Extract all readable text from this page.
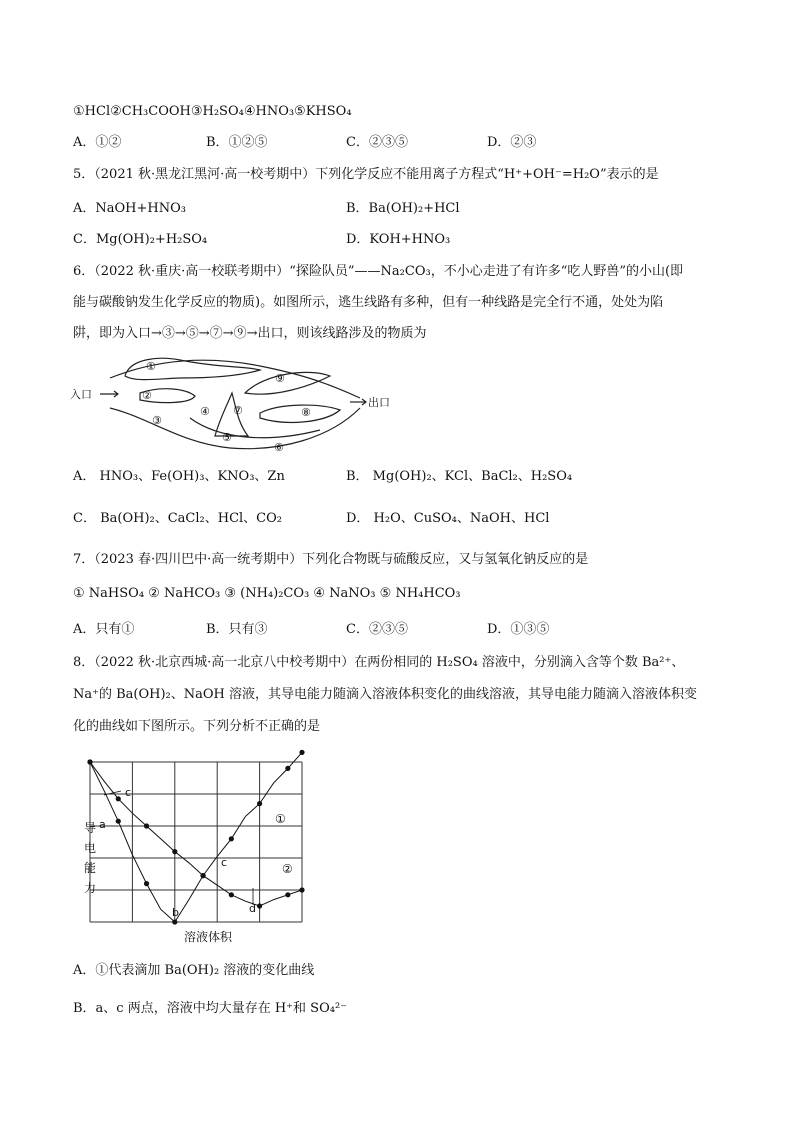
①HCl②CH₃COOH③H₂SO₄④HNO₃⑤KHSO₄
A．①②	B．①②⑤	C．②③⑤	D．②③
5．（2021 秋·黑龙江黑河·高一校考期中）下列化学反应不能用离子方程式“H⁺+OH⁻=H₂O”表示的是
A．NaOH+HNO₃	B．Ba(OH)₂+HCl
C．Mg(OH)₂+H₂SO₄	D．KOH+HNO₃
6．（2022 秋·重庆·高一校联考期中）“探险队员”——Na₂CO₃，不小心走进了有许多“吃人野兽”的小山(即
能与碳酸钠发生化学反应的物质)。如图所示，逃生线路有多种，但有一种线路是完全行不通，处处为陷
阱，即为入口→③→⑤→⑦→⑨→出口，则该线路涉及的物质为
入口
出口
①
②
③
④
⑤
⑥
⑦	⑧
⑨
A． HNO₃、Fe(OH)₃、KNO₃、Zn	B． Mg(OH)₂、KCl、BaCl₂、H₂SO₄
C． Ba(OH)₂、CaCl₂、HCl、CO₂	D． H₂O、CuSO₄、NaOH、HCl
7．（2023 春·四川巴中·高一统考期中）下列化合物既与硫酸反应，又与氢氧化钠反应的是
① NaHSO₄ ② NaHCO₃ ③ (NH₄)₂CO₃ ④ NaNO₃ ⑤ NH₄HCO₃
A．只有①	B．只有③	C．②③⑤	D．①③⑤
8．（2022 秋·北京西城·高一北京八中校考期中）在两份相同的 H₂SO₄ 溶液中，分别滴入含等个数 Ba²⁺、
Na⁺的 Ba(OH)₂、NaOH 溶液，其导电能力随滴入溶液体积变化的曲线溶液，其导电能力随滴入溶液体积变
化的曲线如下图所示。下列分析不正确的是
导
电
能
力
溶液体积
c
a
b
c
d
①
②
A．①代表滴加 Ba(OH)₂ 溶液的变化曲线
B．a、c 两点，溶液中均大量存在 H⁺和 SO₄²⁻
